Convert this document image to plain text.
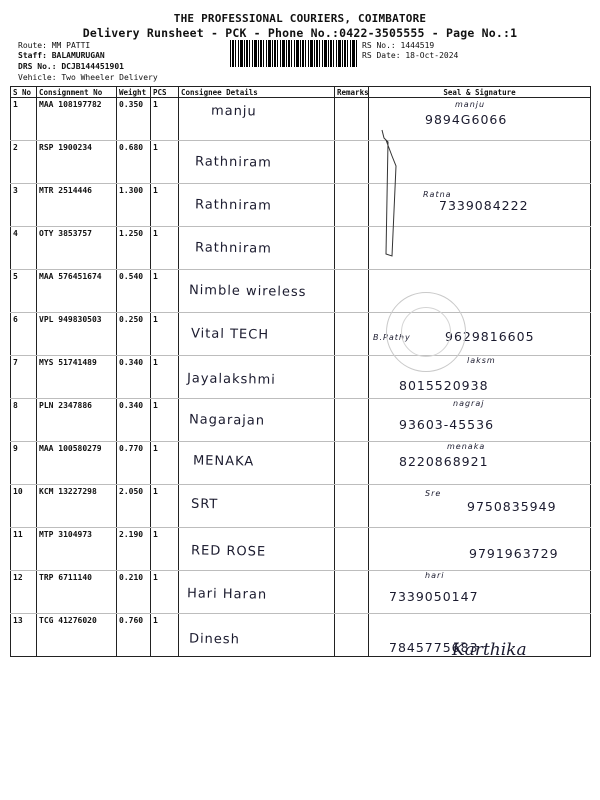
THE PROFESSIONAL COURIERS, COIMBATORE
Delivery Runsheet - PCK - Phone No.:0422-3505555 - Page No.:1
Route: MM PATTI
Staff: BALAMURUGAN
DRS No.: DCJB144451901
Vehicle: Two Wheeler Delivery
RS No.: 1444519
RS Date: 18-Oct-2024
S No	Consignment No	Weight	PCS	Consignee Details	Remarks	Seal & Signature
1	MAA 108197782	0.350	1	manju		manju
9894G6066

2	RSP 1900234	0.680	1	Rathniram		

3	MTR 2514446	1.300	1	Rathniram		Ratna
7339084222

4	OTY 3853757	1.250	1	Rathniram		

5	MAA 576451674	0.540	1	Nimble wireless		

6	VPL 949830503	0.250	1	Vital TECH		B.Pathy 9629816605

7	MYS 51741489	0.340	1	Jayalakshmi		laksm
8015520938

8	PLN 2347886	0.340	1	Nagarajan		nagraj
93603-45536

9	MAA 100580279	0.770	1	MENAKA		menaka
8220868921

10	KCM 13227298	2.050	1	SRT		Sre
9750835949

11	MTP 3104973	2.190	1	RED ROSE		9791963729

12	TRP 6711140	0.210	1	Hari Haran		hari
7339050147

13	TCG 41276020	0.760	1	Dinesh		7845775683
Karthika
